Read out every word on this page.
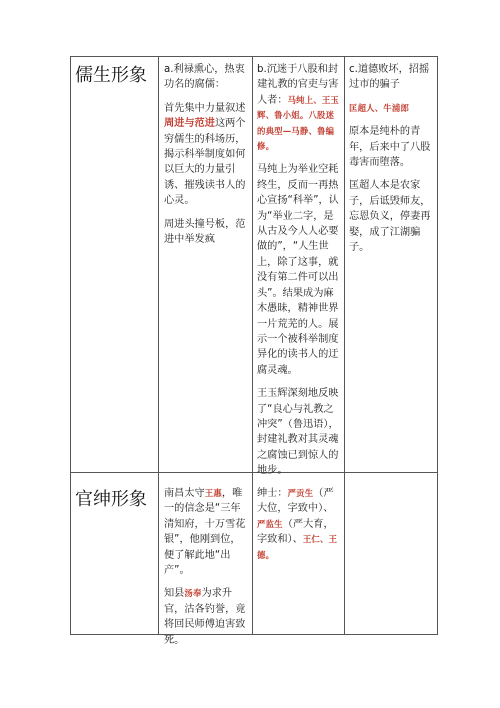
儒生形象 a.利禄熏心，热衷功名的腐儒：

首先集中力量叙述周进与范进这两个穷儒生的科场历，揭示科举制度如何以巨大的力量引诱、摧残读书人的心灵。

周进头撞号板，范进中举发疯

b.沉迷于八股和封建礼教的官吏与害人者：马纯上、王玉辉、鲁小姐。八股迷的典型—马静、鲁编修。

马纯上为举业空耗终生，反而一再热心宣扬“科举”，认为“举业二字，是从古及今人人必要做的”，“人生世上，除了这事，就没有第二件可以出头”。结果成为麻木愚昧，精神世界一片荒芜的人。展示一个被科举制度异化的读书人的迂腐灵魂。

王玉辉深刻地反映了“良心与礼教之冲突”（鲁迅语），封建礼教对其灵魂之腐蚀已到惊人的地步。

c.道德败坏，招摇过市的骗子

匡超人、牛浦郎

原本是纯朴的青年，后来中了八股毒害而堕落。

匡超人本是农家子，后诋毁师友，忘恩负义，停妻再娶，成了江湖骗子。

官绅形象 南昌太守王惠，唯一的信念是“三年清知府，十万雪花银”，他刚到位，便了解此地“出产”。

知县汤奉为求升官，沽各钓誉，竟将回民师傅迫害致死。

绅士：严贡生（严大位，字致中）、严监生（严大育，字致和）、王仁、王德。
